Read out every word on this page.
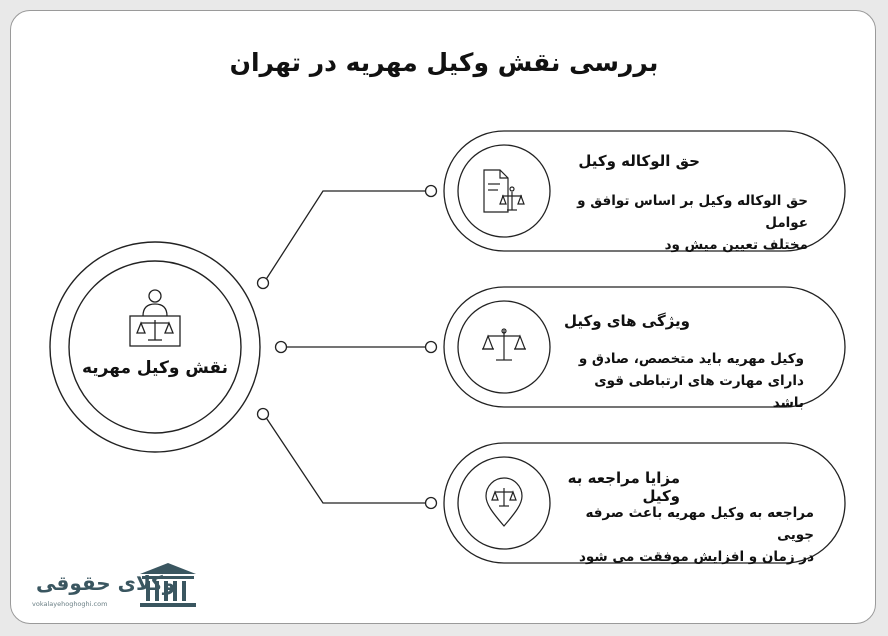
بررسی نقش وکیل مهریه در تهران
نقش وکیل مهریه
حق الوکاله وکیل
حق الوکاله وکیل بر اساس توافق و عوامل
مختلف تعیین میش ود
ویژگی های وکیل
وکیل مهریه باید متخصص، صادق و
دارای مهارت های ارتباطی قوی باشد
مزایا مراجعه به وکیل
مراجعه به وکیل مهریه باعث صرفه جویی
در زمان و افزایش موفقت می شود
وکلای حقوقی
vokalayehoghoghi.com
